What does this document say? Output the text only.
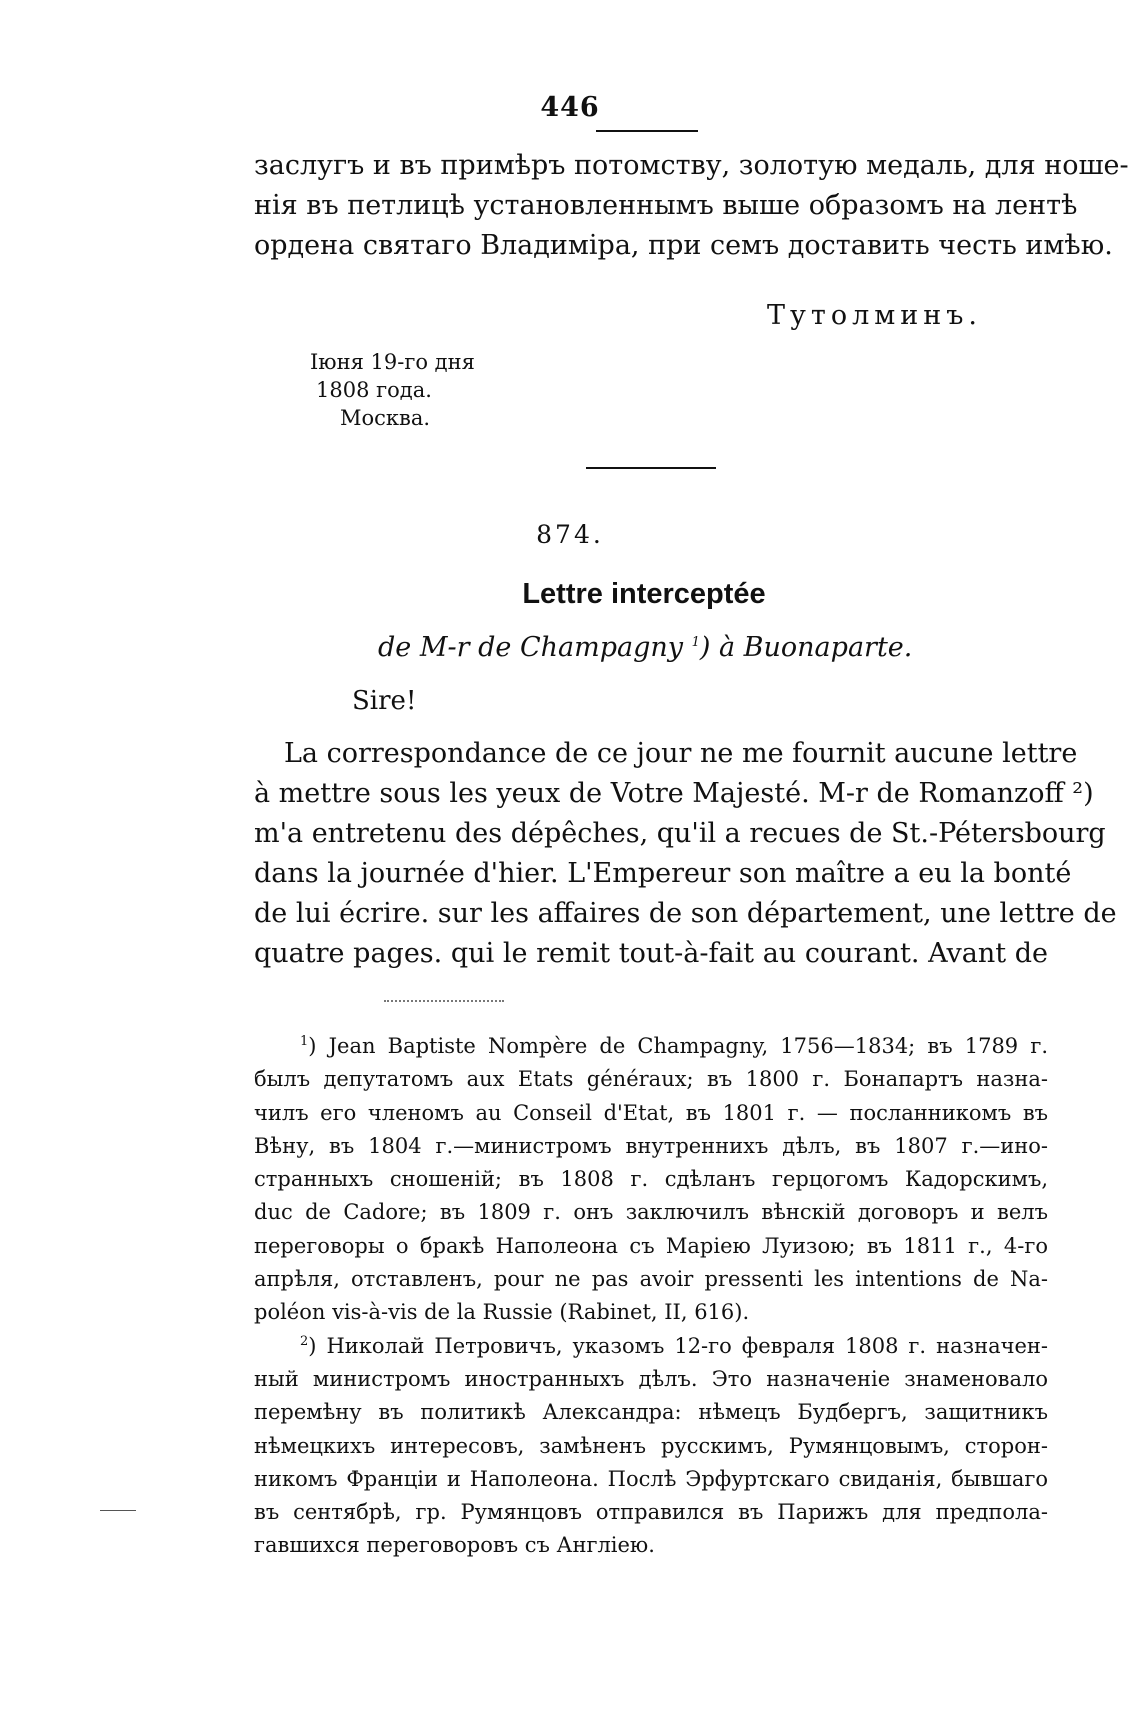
446
заслугъ и въ примѣръ потомству, золотую медаль, для ноше-
нія въ петлицѣ установленнымъ выше образомъ на лентѣ
ордена святаго Владиміра, при семъ доставить честь имѣю.
Тутолминъ.
Іюня 19-го дня
1808 года.
Москва.
874.
Lettre interceptée
de M-r de Champagny $^1$) à Buonaparte.
Sire!
La correspondance de ce jour ne me fournit aucune lettre
à mettre sous les yeux de Votre Majesté. M-r de Romanzoff ²)
m'a entretenu des dépêches, qu'il a recues de St.-Pétersbourg
dans la journée d'hier. L'Empereur son maître a eu la bonté
de lui écrire. sur les affaires de son département, une lettre de
quatre pages. qui le remit tout-à-fait au courant. Avant de
$^1$) Jean Baptiste Nompère de Champagny, 1756—1834; въ 1789 г.
былъ депутатомъ aux Etats généraux; въ 1800 г. Бонапартъ назна-
чилъ его членомъ au Conseil d'Etat, въ 1801 г. — посланникомъ въ
Вѣну, въ 1804 г.—министромъ внутреннихъ дѣлъ, въ 1807 г.—ино-
странныхъ сношеній; въ 1808 г. сдѣланъ герцогомъ Кадорскимъ,
duc de Cadore; въ 1809 г. онъ заключилъ вѣнскій договоръ и велъ
переговоры о бракѣ Наполеона съ Маріею Луизою; въ 1811 г., 4-го
апрѣля, отставленъ, pour ne pas avoir pressenti les intentions de Na-
poléon vis-à-vis de la Russie (Rabinet, II, 616).
$^2$) Николай Петровичъ, указомъ 12-го февраля 1808 г. назначен-
ный министромъ иностранныхъ дѣлъ. Это назначеніе знаменовало
перемѣну въ политикѣ Александра: нѣмецъ Будбергъ, защитникъ
нѣмецкихъ интересовъ, замѣненъ русскимъ, Румянцовымъ, сторон-
никомъ Франціи и Наполеона. Послѣ Эрфуртскаго свиданія, бывшаго
въ сентябрѣ, гр. Румянцовъ отправился въ Парижъ для предпола-
гавшихся переговоровъ съ Англіею.
